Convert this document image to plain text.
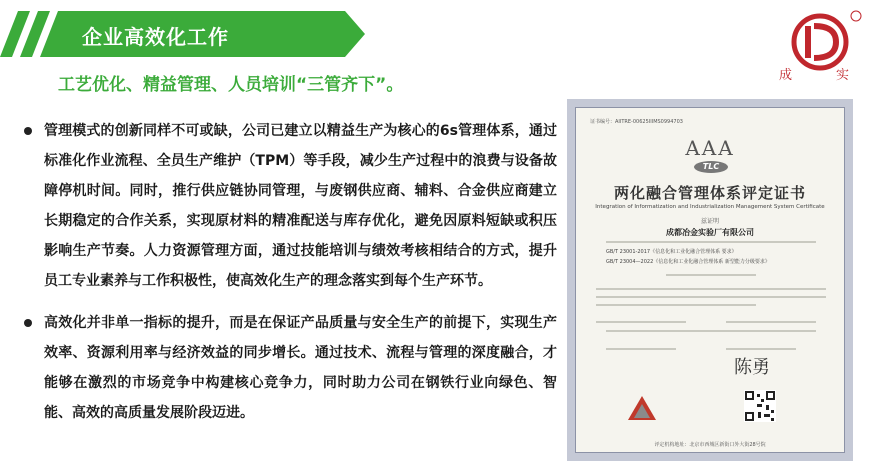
企业高效化工作
工艺优化、精益管理、人员培训“三管齐下”。
管理模式的创新同样不可或缺，公司已建立以精益生产为核心的6s管理体系，通过标准化作业流程、全员生产维护（TPM）等手段，减少生产过程中的浪费与设备故障停机时间。同时，推行供应链协同管理，与废钢供应商、辅料、合金供应商建立长期稳定的合作关系，实现原材料的精准配送与库存优化，避免因原料短缺或积压影响生产节奏。人力资源管理方面，通过技能培训与绩效考核相结合的方式，提升员工专业素养与工作积极性，使高效化生产的理念落实到每个生产环节。
高效化并非单一指标的提升，而是在保证产品质量与安全生产的前提下，实现生产效率、资源利用率与经济效益的同步增长。通过技术、流程与管理的深度融合，才能够在激烈的市场竞争中构建核心竞争力，同时助力公司在钢铁行业向绿色、智能、高效的高质量发展阶段迈进。
成	实
证书编号：AIITRE-00625IIIMS0994703
AAA
TLC
两化融合管理体系评定证书
Integration of Informatization and Industrialization Management System Certificate
兹证明
成都冶金实验厂有限公司
GB/T 23001-2017《信息化和工业化融合管理体系 要求》
GB/T 23004—2022《信息化和工业化融合管理体系 新型能力分级要求》
陈勇
评定机构地址：北京市西城区新街口外大街28号院
